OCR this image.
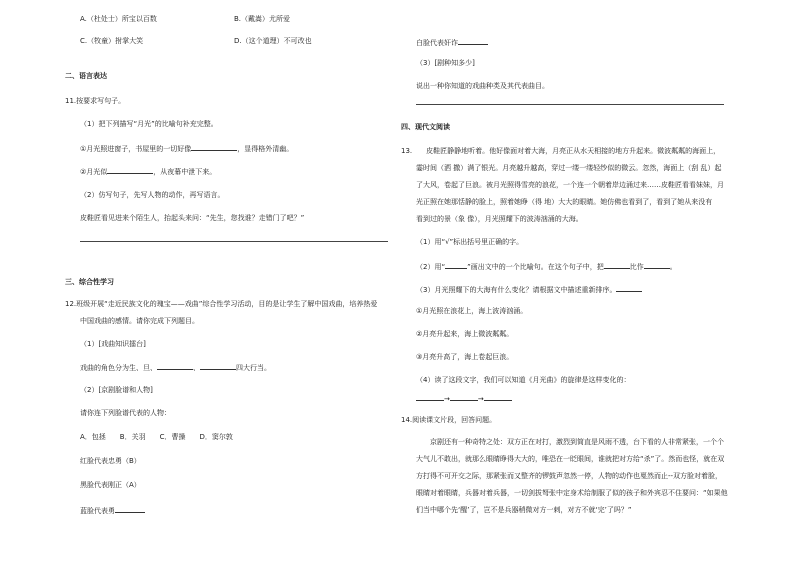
A.（杜处士）所宝以百数	B.（戴嵩）尤所爱
C.（牧童）拊掌大笑	D.（这个道理）不可改也
二、语言表达
11.按要求写句子。
（1）把下列描写“月光”的比喻句补充完整。
①月光照进窗子，书屋里的一切好像	，显得格外清幽。
②月光似	，从夜幕中泄下来。
（2）仿写句子，先写人物的动作，再写语言。
皮鞋匠看见进来个陌生人，抬起头来问：“先生，您找谁？走错门了吧？”
三、综合性学习
12.班级开展“走近民族文化的瑰宝——戏曲”综合性学习活动，目的是让学生了解中国戏曲，培养热爱
中国戏曲的感情。请你完成下列题目。
（1）[戏曲知识擂台]
戏曲的角色分为生、旦、	、	四大行当。
（2）[京剧脸谱和人物]
请你连下列脸谱代表的人物：
A．包拯　　B．关羽　　C．曹操　　D．窦尔敦
红脸代表忠勇（B）
黑脸代表刚正（A）
蓝脸代表勇
白脸代表奸诈
（3）[剧种知多少]
说出一种你知道的戏曲种类及其代表曲目。
四、现代文阅读
13.　　皮鞋匠静静地听着。他好像面对着大海，月亮正从水天相接的地方升起来。微波粼粼的海面上，
霎时间（洒 撒）满了银光。月亮越升越高，穿过一缕一缕轻纱似的微云。忽然，海面上（刮 乱）起
了大风，卷起了巨浪。被月光照得雪亮的浪花，一个连一个朝着岸边涌过来……皮鞋匠看看妹妹，月
光正照在她那恬静的脸上，照着她睁（得 地）大大的眼睛。她仿佛也看到了，看到了她从来没有
看到过的景（象 像），月光照耀下的波涛汹涌的大海。
（1）用“√”标出括号里正确的字。
（2）用“	”画出文中的一个比喻句。在这个句子中，把	比作	。
（3）月光照耀下的大海有什么变化？请根据文中描述重新排序。
①月光照在浪花上，海上波涛汹涌。
②月亮升起来，海上微波粼粼。
③月亮升高了，海上卷起巨浪。
（4）读了这段文字，我们可以知道《月光曲》的旋律是这样变化的：
→	→
14.阅读课文片段，回答问题。

京剧还有一种奇特之处：双方正在对打，激烈到简直是风雨不透，台下看的人非常紧张，一个个大气儿不敢出，就那么眼睛睁得大大的，唯恐在一眨眼间，谁就把对方给“杀”了。然而也怪，就在双方打得不可开交之际，那紧张而又整齐的锣鼓声忽然一停，人物的动作也戛然而止--双方脸对着脸，眼睛对着眼睛，兵器对着兵器，一切剑拔弩张中定身术给制服了似的孩子和外宾忍不住要问：“如果他们当中哪个先‘醒’了，岂不是兵器稍微对方一刺，对方不就‘完’了吗？”
